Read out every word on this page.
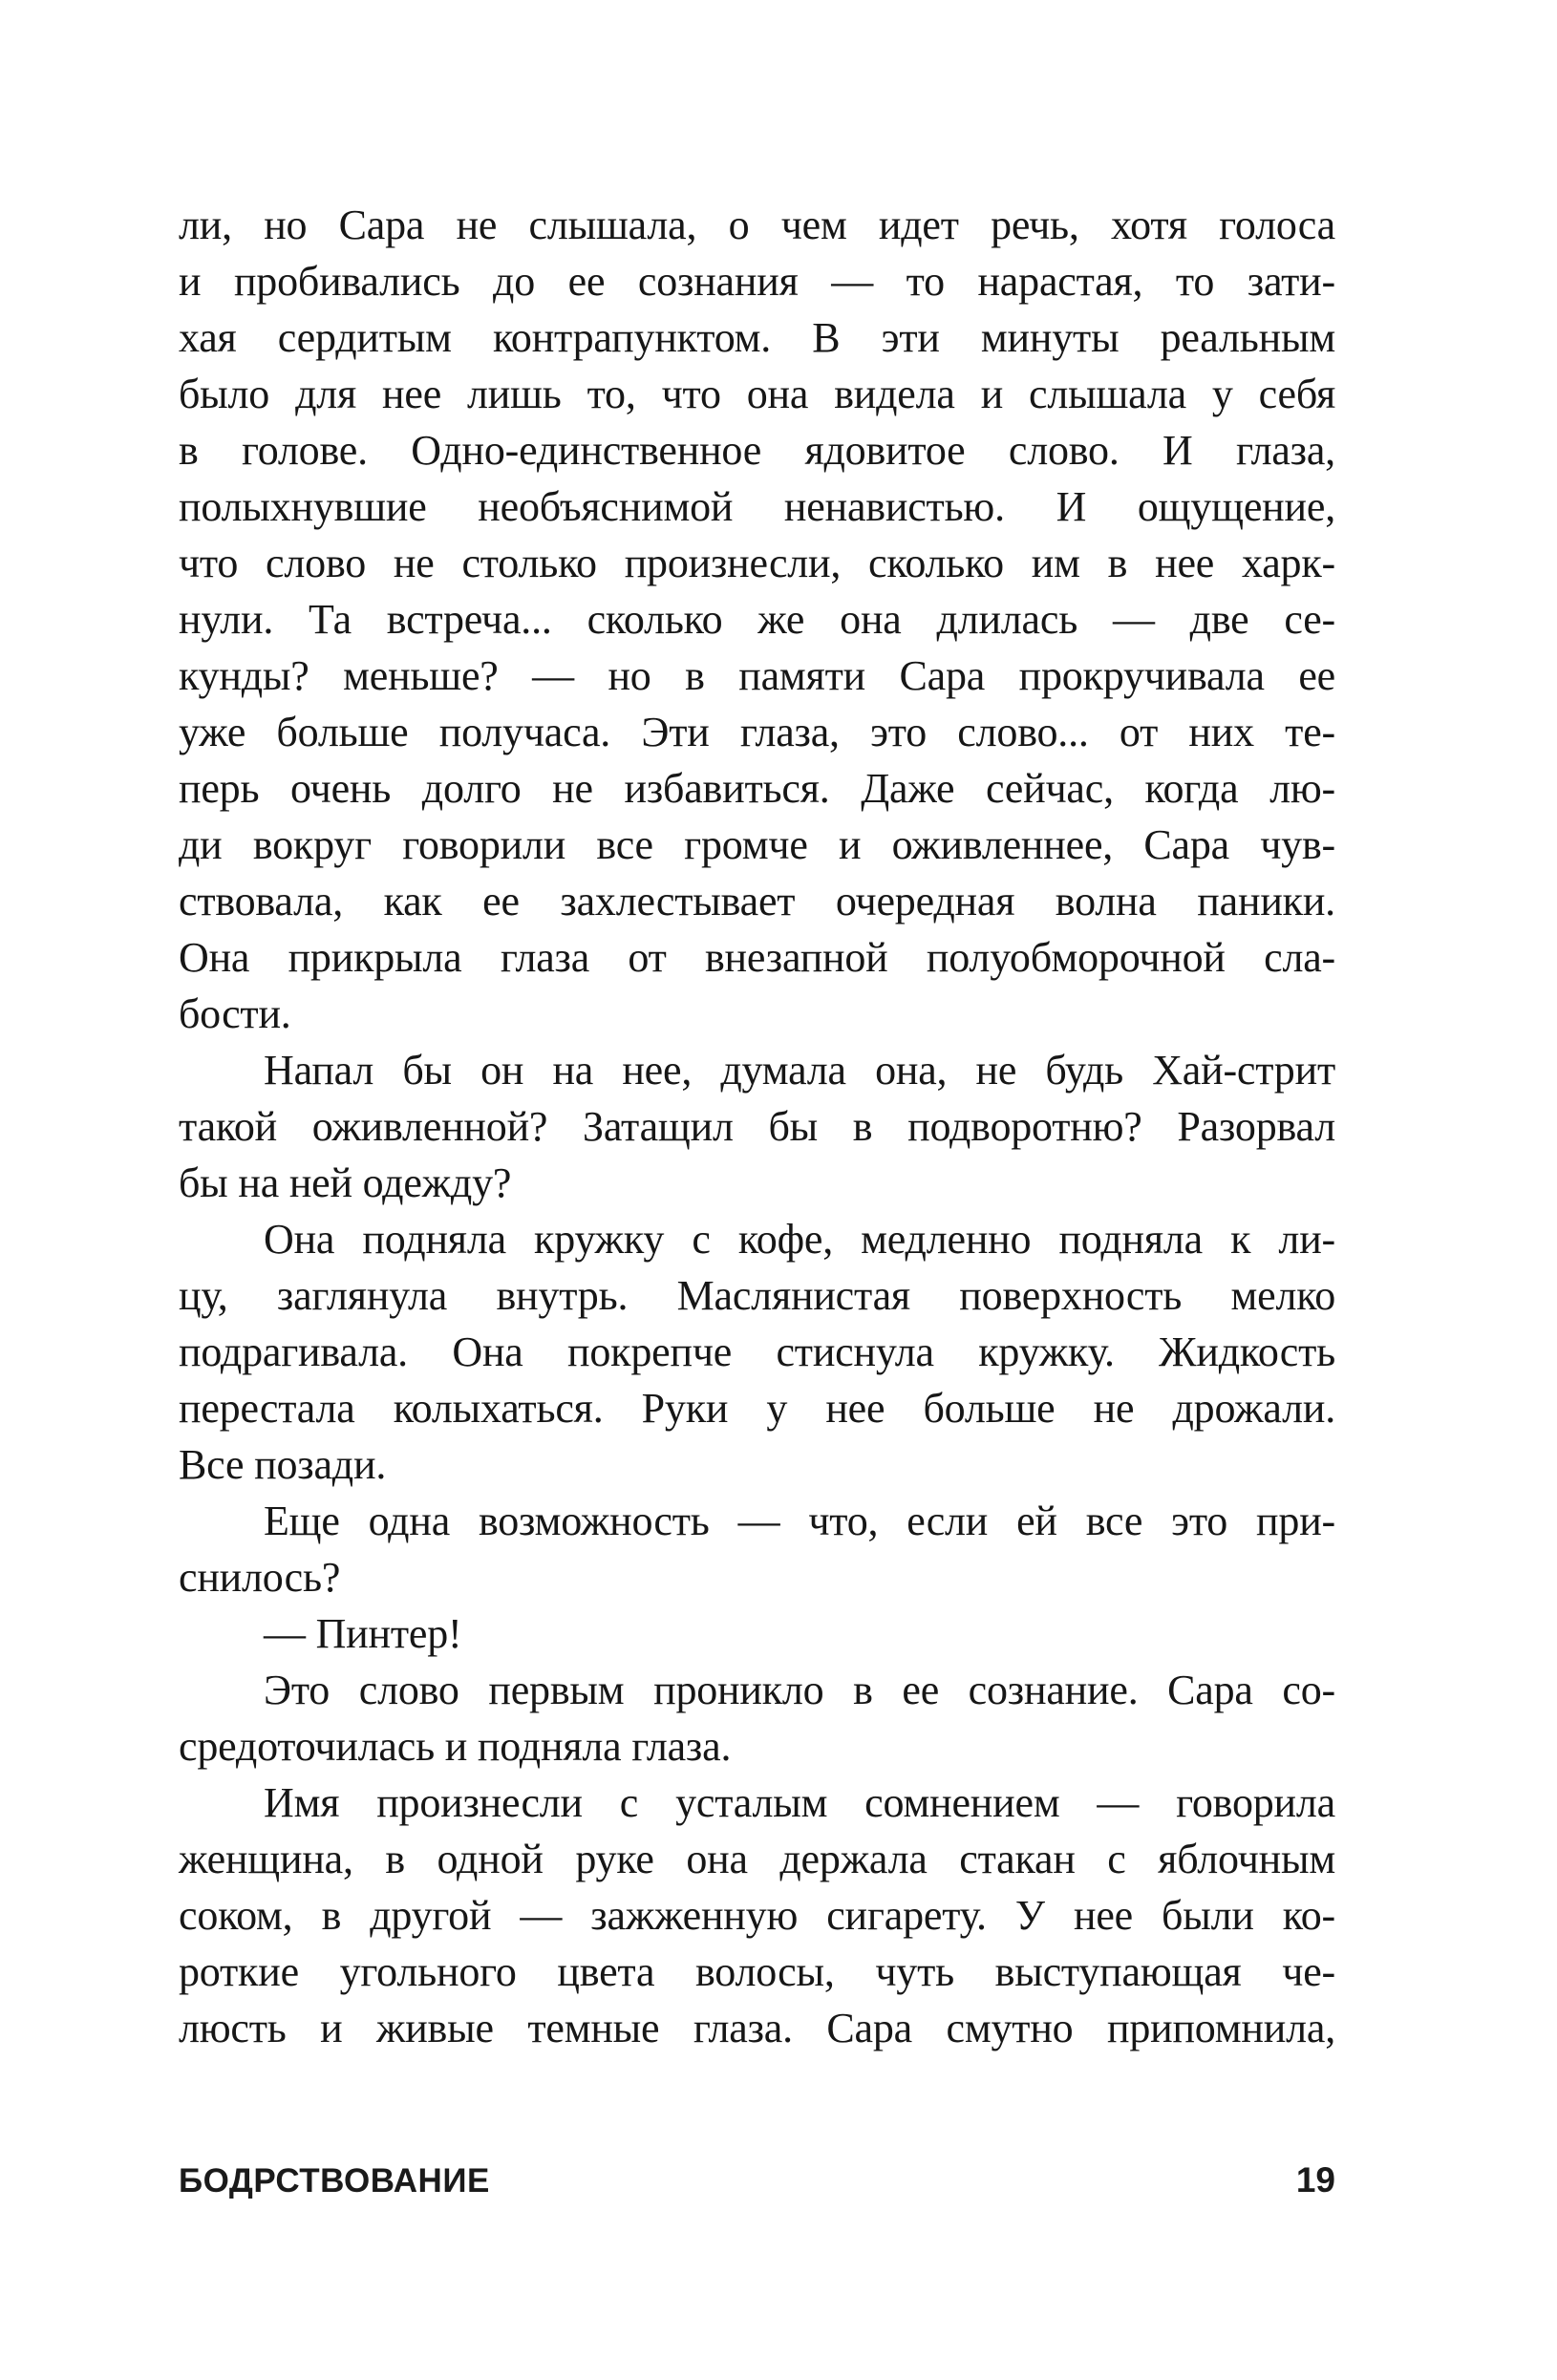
ли, но Сара не слышала, о чем идет речь, хотя голоса
и пробивались до ее сознания — то нарастая, то зати-
хая сердитым контрапунктом. В эти минуты реальным
было для нее лишь то, что она видела и слышала у себя
в голове. Одно-единственное ядовитое слово. И глаза,
полыхнувшие необъяснимой ненавистью. И ощущение,
что слово не столько произнесли, сколько им в нее харк-
нули. Та встреча... сколько же она длилась — две се-
кунды? меньше? — но в памяти Сара прокручивала ее
уже больше получаса. Эти глаза, это слово... от них те-
перь очень долго не избавиться. Даже сейчас, когда лю-
ди вокруг говорили все громче и оживленнее, Сара чув-
ствовала, как ее захлестывает очередная волна паники.
Она прикрыла глаза от внезапной полуобморочной сла-
бости.
Напал бы он на нее, думала она, не будь Хай-стрит
такой оживленной? Затащил бы в подворотню? Разорвал
бы на ней одежду?
Она подняла кружку с кофе, медленно подняла к ли-
цу, заглянула внутрь. Маслянистая поверхность мелко
подрагивала. Она покрепче стиснула кружку. Жидкость
перестала колыхаться. Руки у нее больше не дрожали.
Все позади.
Еще одна возможность — что, если ей все это при-
снилось?
— Пинтер!
Это слово первым проникло в ее сознание. Сара со-
средоточилась и подняла глаза.
Имя произнесли с усталым сомнением — говорила
женщина, в одной руке она держала стакан с яблочным
соком, в другой — зажженную сигарету. У нее были ко-
роткие угольного цвета волосы, чуть выступающая че-
люсть и живые темные глаза. Сара смутно припомнила,
БОДРСТВОВАНИЕ	19
